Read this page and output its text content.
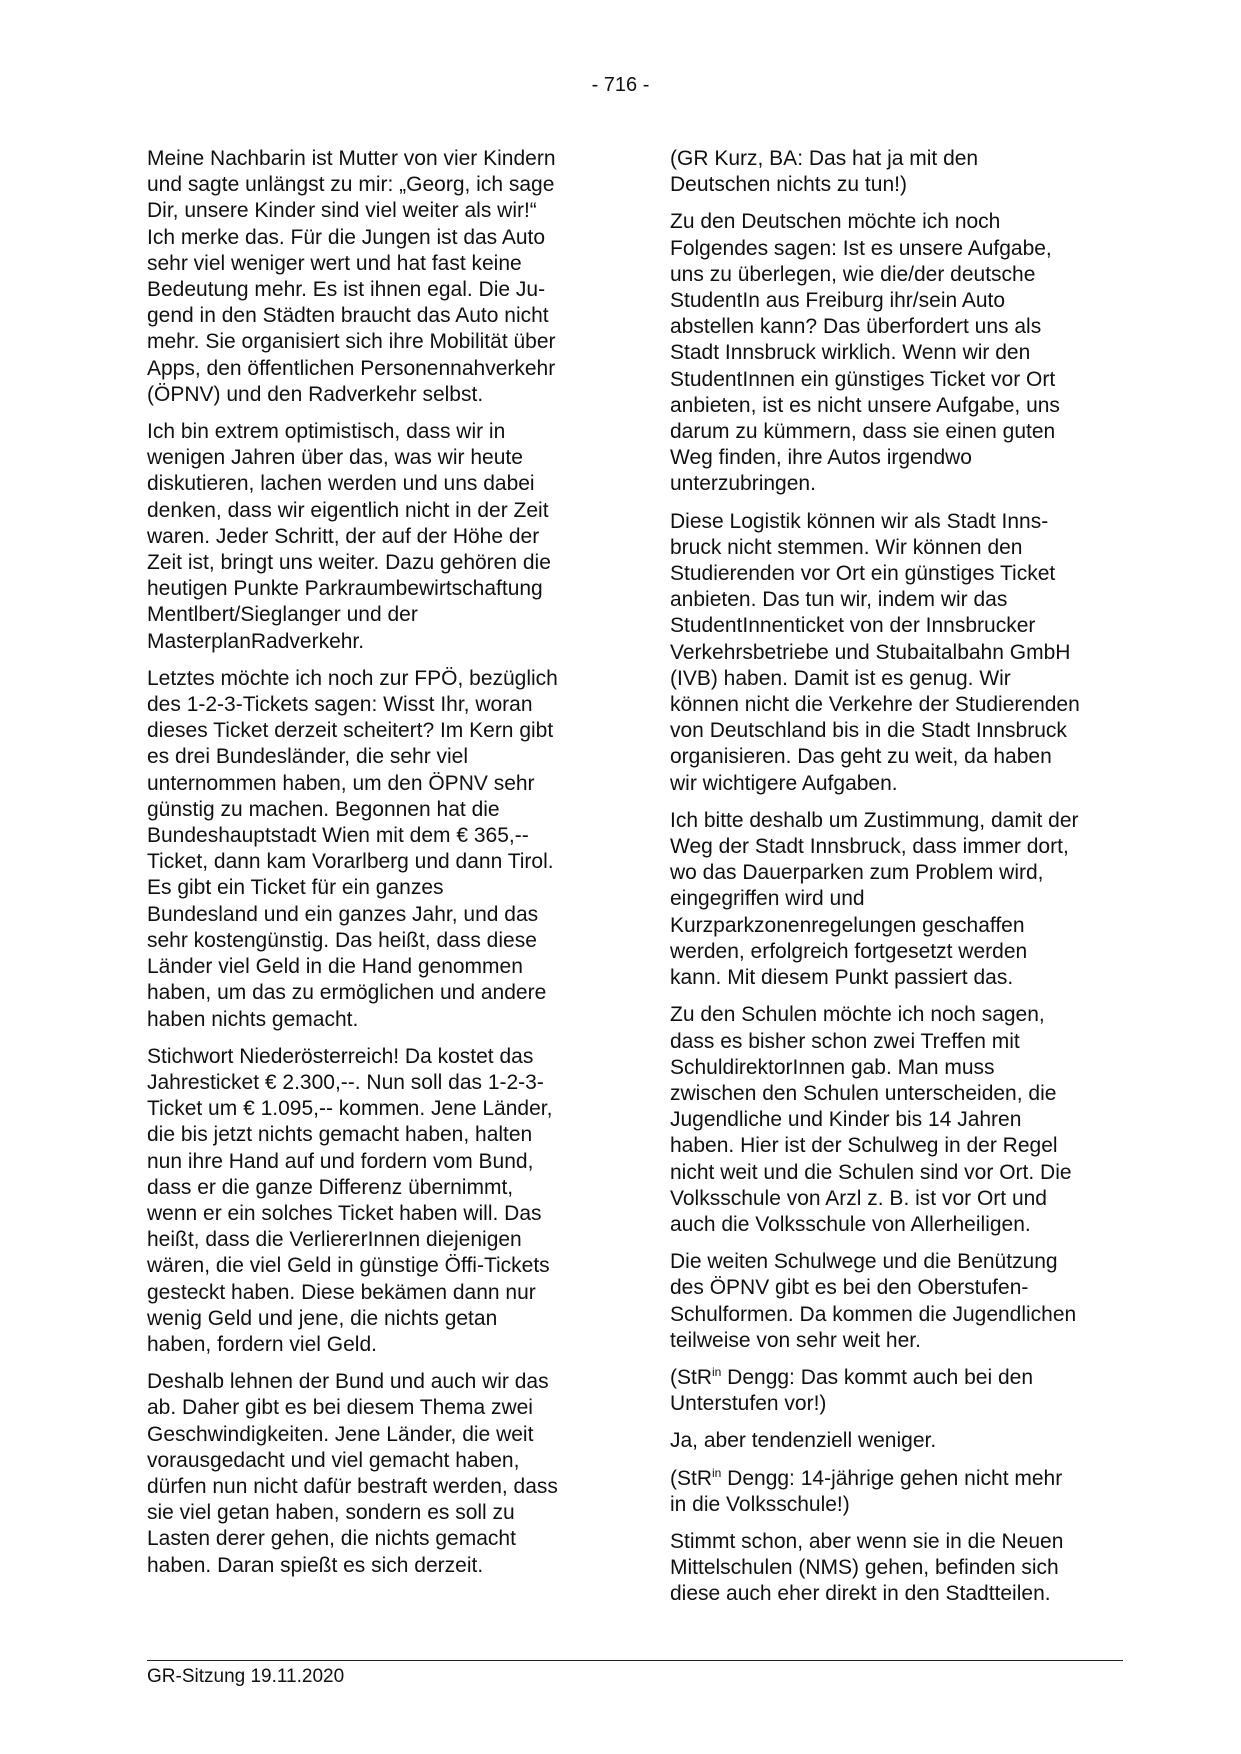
- 716 -

Meine Nachbarin ist Mutter von vier Kindern
und sagte unlängst zu mir: „Georg, ich sage
Dir, unsere Kinder sind viel weiter als wir!“
Ich merke das. Für die Jungen ist das Auto
sehr viel weniger wert und hat fast keine
Bedeutung mehr. Es ist ihnen egal. Die Ju-
gend in den Städten braucht das Auto nicht
mehr. Sie organisiert sich ihre Mobilität über
Apps, den öffentlichen Personennahverkehr
(ÖPNV) und den Radverkehr selbst.

Ich bin extrem optimistisch, dass wir in
wenigen Jahren über das, was wir heute
diskutieren, lachen werden und uns dabei
denken, dass wir eigentlich nicht in der Zeit
waren. Jeder Schritt, der auf der Höhe der
Zeit ist, bringt uns weiter. Dazu gehören die
heutigen Punkte Parkraumbewirtschaftung
Mentlbert/Sieglanger und der
MasterplanRadverkehr.

Letztes möchte ich noch zur FPÖ, bezüglich
des 1-2-3-Tickets sagen: Wisst Ihr, woran
dieses Ticket derzeit scheitert? Im Kern gibt
es drei Bundesländer, die sehr viel
unternommen haben, um den ÖPNV sehr
günstig zu machen. Begonnen hat die
Bundeshauptstadt Wien mit dem € 365,--
Ticket, dann kam Vorarlberg und dann Tirol.
Es gibt ein Ticket für ein ganzes
Bundesland und ein ganzes Jahr, und das
sehr kostengünstig. Das heißt, dass diese
Länder viel Geld in die Hand genommen
haben, um das zu ermöglichen und andere
haben nichts gemacht.

Stichwort Niederösterreich! Da kostet das
Jahresticket € 2.300,--. Nun soll das 1-2-3-
Ticket um € 1.095,-- kommen. Jene Länder,
die bis jetzt nichts gemacht haben, halten
nun ihre Hand auf und fordern vom Bund,
dass er die ganze Differenz übernimmt,
wenn er ein solches Ticket haben will. Das
heißt, dass die VerliererInnen diejenigen
wären, die viel Geld in günstige Öffi-Tickets
gesteckt haben. Diese bekämen dann nur
wenig Geld und jene, die nichts getan
haben, fordern viel Geld.

Deshalb lehnen der Bund und auch wir das
ab. Daher gibt es bei diesem Thema zwei
Geschwindigkeiten. Jene Länder, die weit
vorausgedacht und viel gemacht haben,
dürfen nun nicht dafür bestraft werden, dass
sie viel getan haben, sondern es soll zu
Lasten derer gehen, die nichts gemacht
haben. Daran spießt es sich derzeit.

(GR Kurz, BA: Das hat ja mit den
Deutschen nichts zu tun!)

Zu den Deutschen möchte ich noch
Folgendes sagen: Ist es unsere Aufgabe,
uns zu überlegen, wie die/der deutsche
StudentIn aus Freiburg ihr/sein Auto
abstellen kann? Das überfordert uns als
Stadt Innsbruck wirklich. Wenn wir den
StudentInnen ein günstiges Ticket vor Ort
anbieten, ist es nicht unsere Aufgabe, uns
darum zu kümmern, dass sie einen guten
Weg finden, ihre Autos irgendwo
unterzubringen.

Diese Logistik können wir als Stadt Inns-
bruck nicht stemmen. Wir können den
Studierenden vor Ort ein günstiges Ticket
anbieten. Das tun wir, indem wir das
StudentInnenticket von der Innsbrucker
Verkehrsbetriebe und Stubaitalbahn GmbH
(IVB) haben. Damit ist es genug. Wir
können nicht die Verkehre der Studierenden
von Deutschland bis in die Stadt Innsbruck
organisieren. Das geht zu weit, da haben
wir wichtigere Aufgaben.

Ich bitte deshalb um Zustimmung, damit der
Weg der Stadt Innsbruck, dass immer dort,
wo das Dauerparken zum Problem wird,
eingegriffen wird und
Kurzparkzonenregelungen geschaffen
werden, erfolgreich fortgesetzt werden
kann. Mit diesem Punkt passiert das.

Zu den Schulen möchte ich noch sagen,
dass es bisher schon zwei Treffen mit
SchuldirektorInnen gab. Man muss
zwischen den Schulen unterscheiden, die
Jugendliche und Kinder bis 14 Jahren
haben. Hier ist der Schulweg in der Regel
nicht weit und die Schulen sind vor Ort. Die
Volksschule von Arzl z. B. ist vor Ort und
auch die Volksschule von Allerheiligen.

Die weiten Schulwege und die Benützung
des ÖPNV gibt es bei den Oberstufen-
Schulformen. Da kommen die Jugendlichen
teilweise von sehr weit her.

(StR$^{in}$ Dengg: Das kommt auch bei den
Unterstufen vor!)

Ja, aber tendenziell weniger.

(StR$^{in}$ Dengg: 14-jährige gehen nicht mehr
in die Volksschule!)

Stimmt schon, aber wenn sie in die Neuen
Mittelschulen (NMS) gehen, befinden sich
diese auch eher direkt in den Stadtteilen.

GR-Sitzung 19.11.2020
